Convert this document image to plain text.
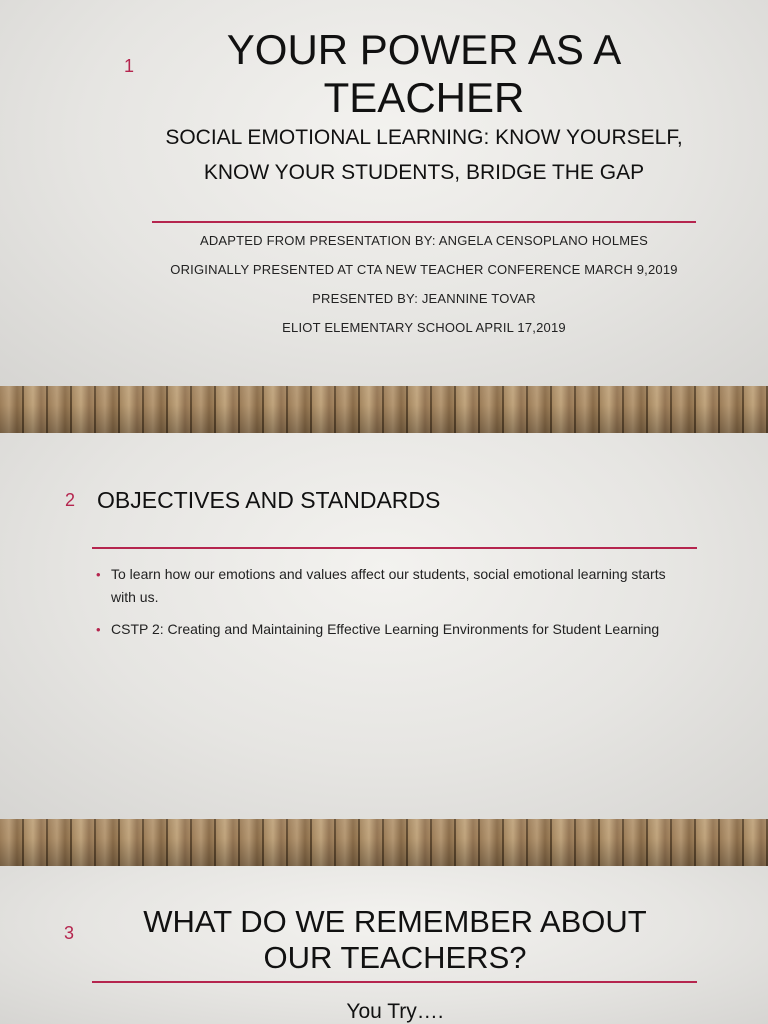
1	YOUR POWER AS A TEACHER
SOCIAL EMOTIONAL LEARNING: KNOW YOURSELF, KNOW YOUR STUDENTS, BRIDGE THE GAP
ADAPTED FROM PRESENTATION BY: ANGELA CENSOPLANO HOLMES
ORIGINALLY PRESENTED AT CTA NEW TEACHER CONFERENCE MARCH 9,2019
PRESENTED BY: JEANNINE TOVAR
ELIOT ELEMENTARY SCHOOL APRIL 17,2019
2 OBJECTIVES AND STANDARDS
• To learn how our emotions and values affect our students, social emotional learning starts with us.
• CSTP 2: Creating and Maintaining Effective Learning Environments for Student Learning
3	WHAT DO WE REMEMBER ABOUT OUR TEACHERS?
You Try….
